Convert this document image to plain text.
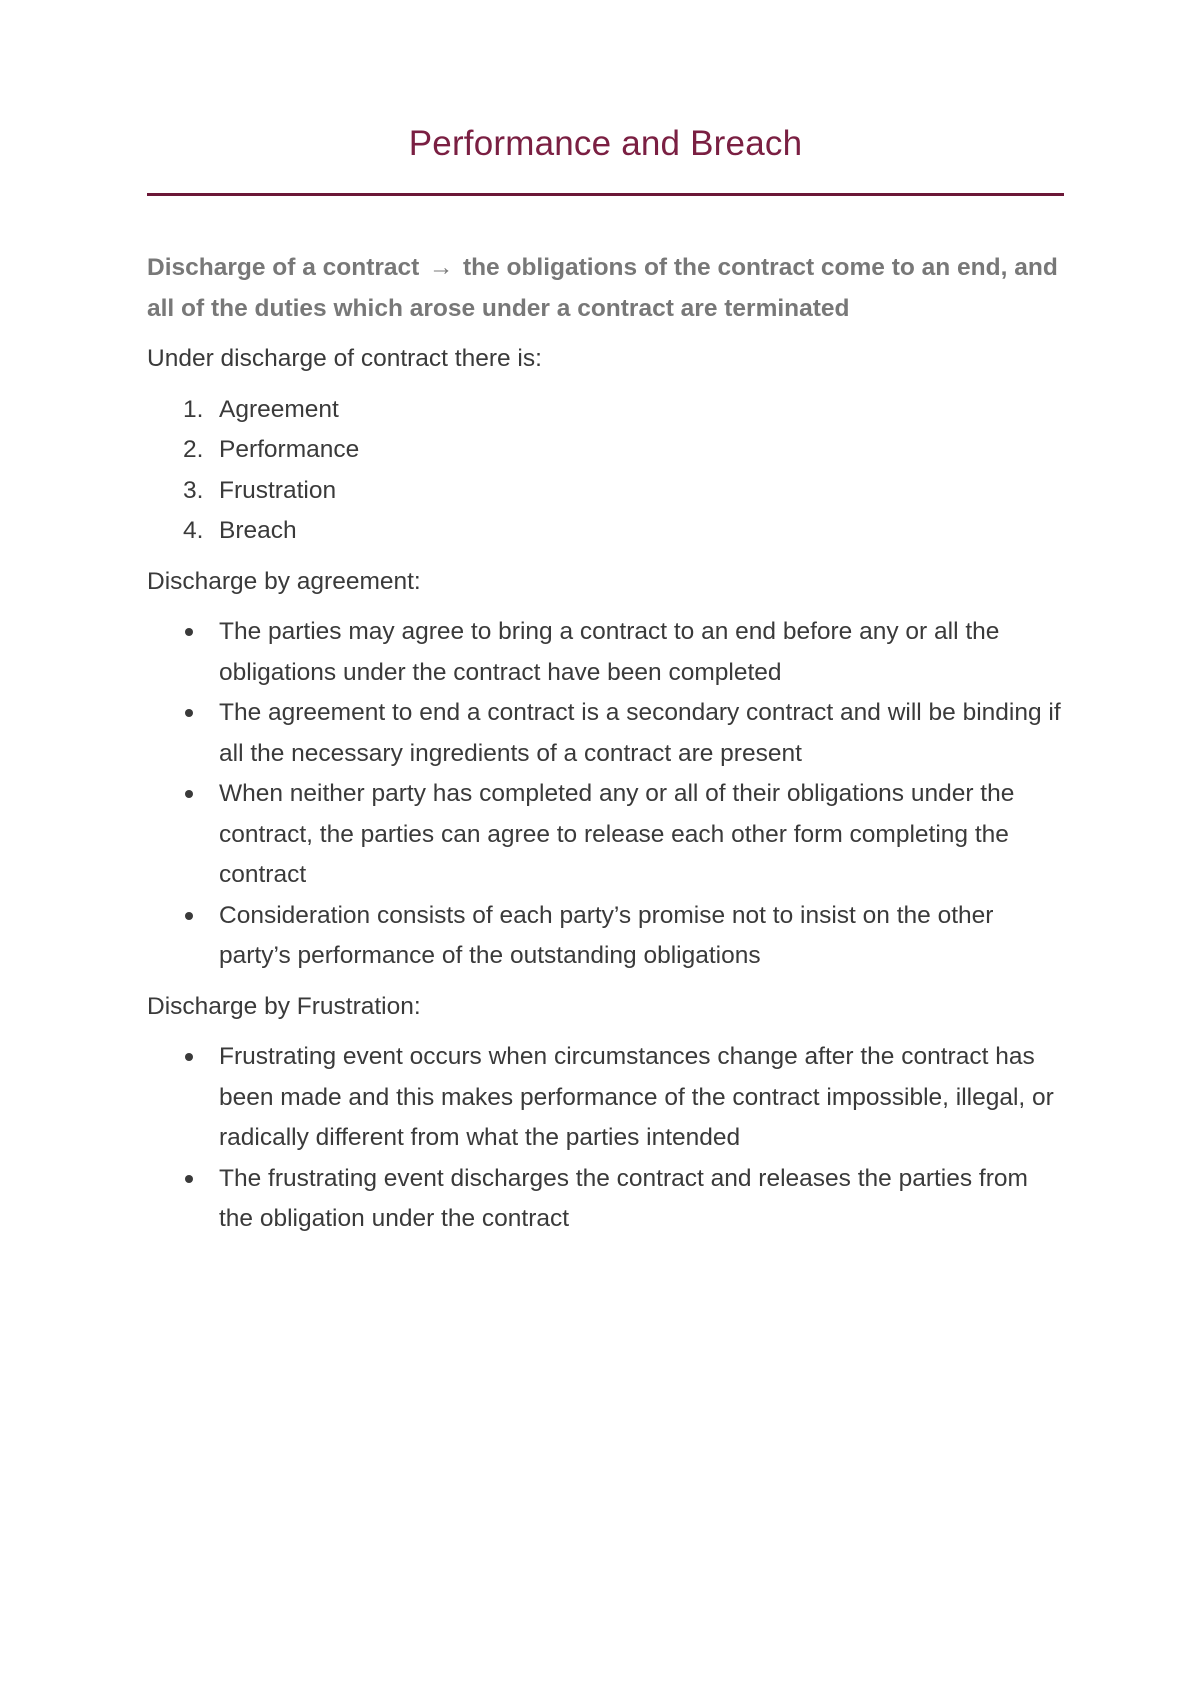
Performance and Breach

Discharge of a contract → the obligations of the contract come to an end, and all of the duties which arose under a contract are terminated

Under discharge of contract there is:

1. Agreement
2. Performance
3. Frustration
4. Breach

Discharge by agreement:

The parties may agree to bring a contract to an end before any or all the obligations under the contract have been completed
The agreement to end a contract is a secondary contract and will be binding if all the necessary ingredients of a contract are present
When neither party has completed any or all of their obligations under the contract, the parties can agree to release each other form completing the contract
Consideration consists of each party’s promise not to insist on the other party’s performance of the outstanding obligations

Discharge by Frustration:

Frustrating event occurs when circumstances change after the contract has been made and this makes performance of the contract impossible, illegal, or radically different from what the parties intended
The frustrating event discharges the contract and releases the parties from the obligation under the contract
